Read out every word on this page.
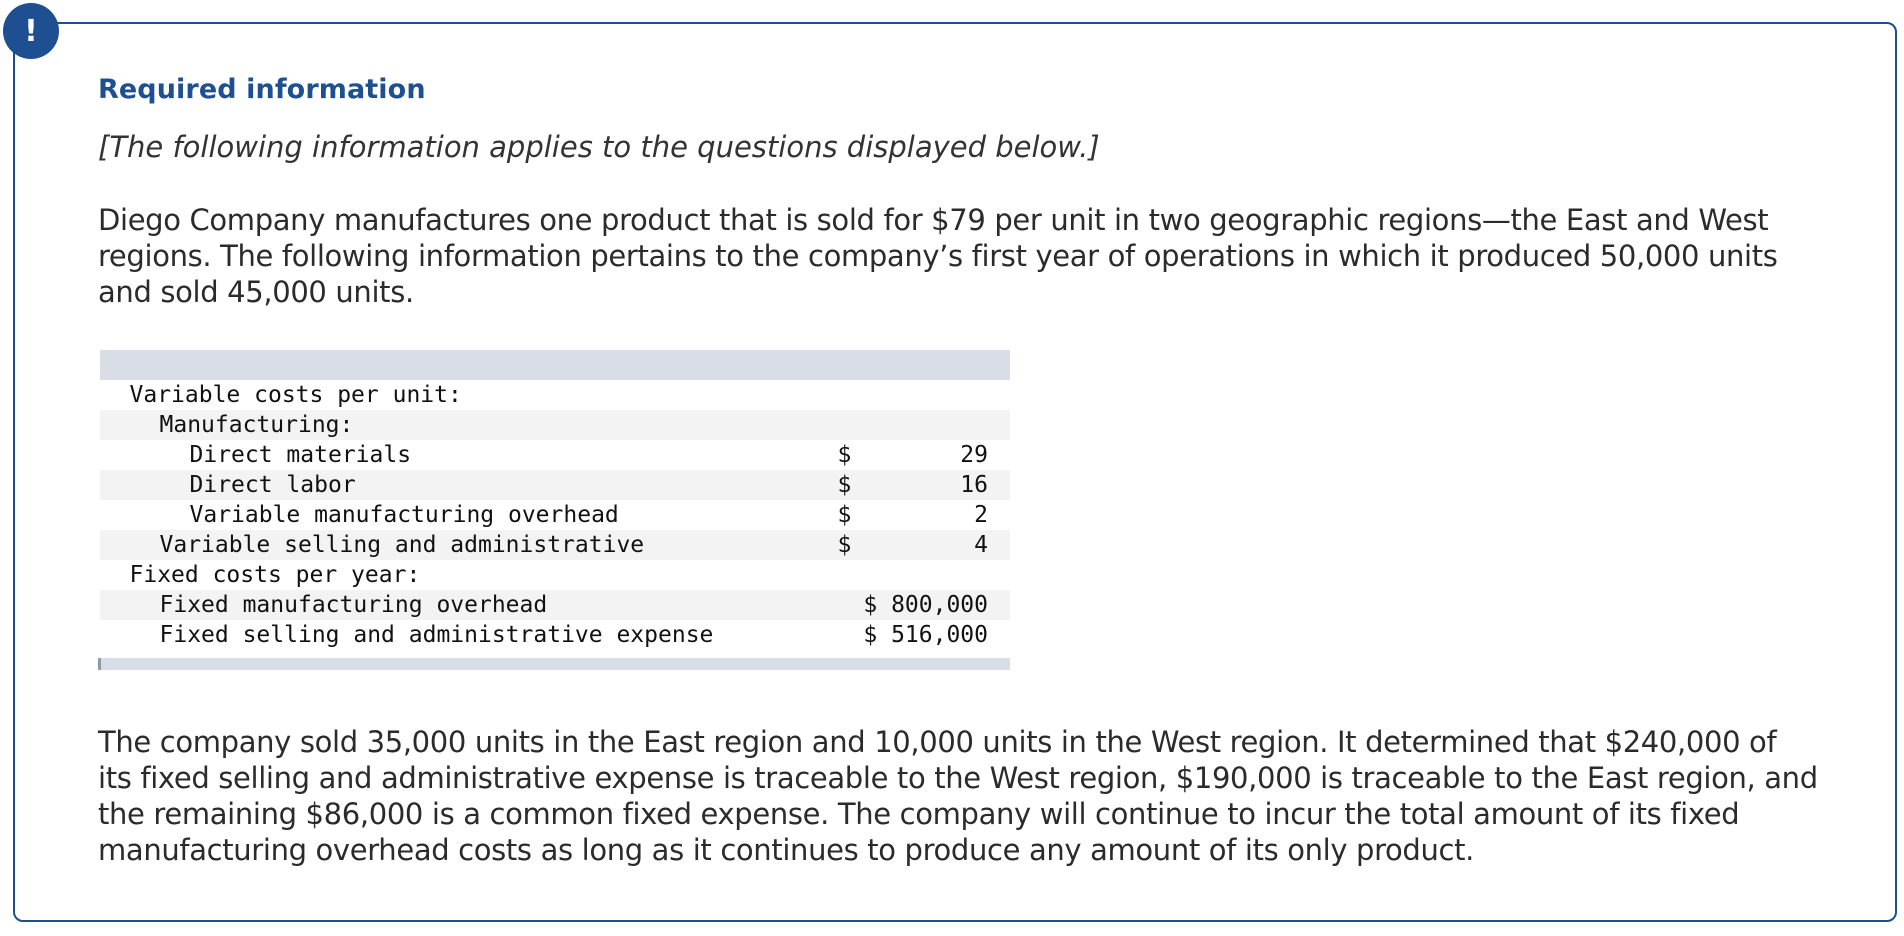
!
Required information

[The following information applies to the questions displayed below.]

Diego Company manufactures one product that is sold for $79 per unit in two geographic regions—the East and West regions. The following information pertains to the company’s first year of operations in which it produced 50,000 units and sold 45,000 units.

Variable costs per unit:		
Manufacturing:		
Direct materials	$	29
Direct labor	$	16
Variable manufacturing overhead	$	2
Variable selling and administrative	$	4
Fixed costs per year:		
Fixed manufacturing overhead	$ 800,000	
Fixed selling and administrative expense	$ 516,000	

The company sold 35,000 units in the East region and 10,000 units in the West region. It determined that $240,000 of its fixed selling and administrative expense is traceable to the West region, $190,000 is traceable to the East region, and the remaining $86,000 is a common fixed expense. The company will continue to incur the total amount of its fixed manufacturing overhead costs as long as it continues to produce any amount of its only product.
